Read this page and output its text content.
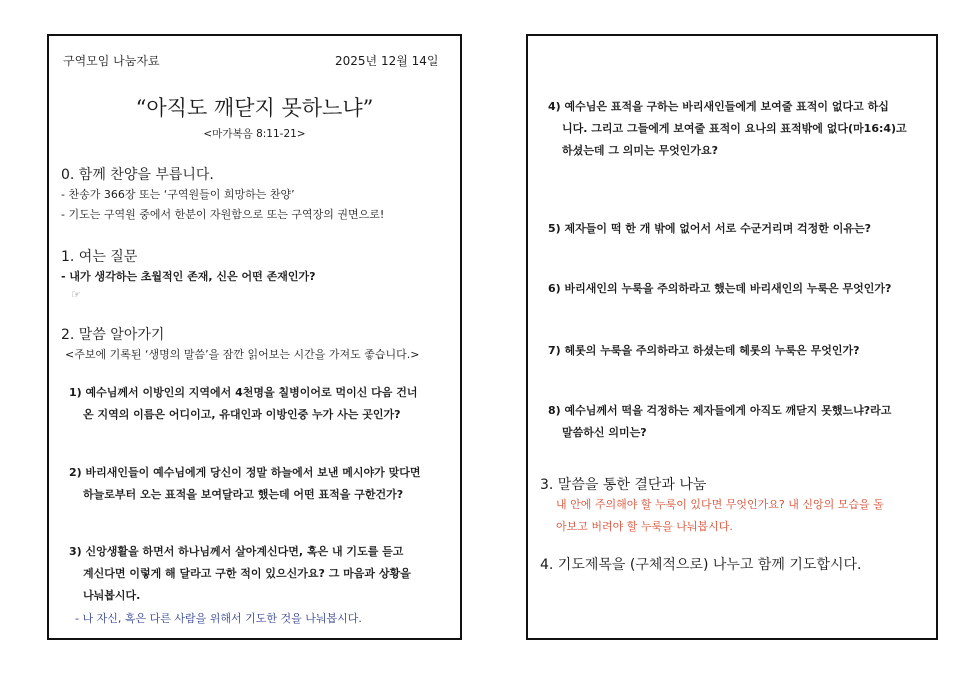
구역모임 나눔자료	2025년 12월 14일
“아직도 깨닫지 못하느냐”
<마가복음 8:11-21>
0. 함께 찬양을 부릅니다.
- 찬송가 366장 또는 ‘구역원들이 희망하는 찬양’
- 기도는 구역원 중에서 한분이 자원함으로 또는 구역장의 권면으로!
1. 여는 질문
- 내가 생각하는 초월적인 존재, 신은 어떤 존재인가?
☞
2. 말씀 알아가기
<주보에 기록된 ‘생명의 말씀’을 잠깐 읽어보는 시간을 가져도 좋습니다.>
1) 예수님께서 이방인의 지역에서 4천명을 칠병이어로 먹이신 다음 건너
온 지역의 이름은 어디이고, 유대인과 이방인중 누가 사는 곳인가?
2) 바리새인들이 예수님에게 당신이 정말 하늘에서 보낸 메시야가 맞다면
하늘로부터 오는 표적을 보여달라고 했는데 어떤 표적을 구한건가?
3) 신앙생활을 하면서 하나님께서 살아계신다면, 혹은 내 기도를 듣고
계신다면 이렇게 해 달라고 구한 적이 있으신가요? 그 마음과 상황을
나눠봅시다.
- 나 자신, 혹은 다른 사람을 위해서 기도한 것을 나눠봅시다.
4) 예수님은 표적을 구하는 바리새인들에게 보여줄 표적이 없다고 하십
니다. 그리고 그들에게 보여줄 표적이 요나의 표적밖에 없다(마16:4)고
하셨는데 그 의미는 무엇인가요?
5) 제자들이 떡 한 개 밖에 없어서 서로 수군거리며 걱정한 이유는?
6) 바리새인의 누룩을 주의하라고 했는데 바리새인의 누룩은 무엇인가?
7) 헤롯의 누룩을 주의하라고 하셨는데 헤롯의 누룩은 무엇인가?
8) 예수님께서 떡을 걱정하는 제자들에게 아직도 깨닫지 못했느냐?라고
말씀하신 의미는?
3. 말씀을 통한 결단과 나눔
내 안에 주의해야 할 누룩이 있다면 무엇인가요? 내 신앙의 모습을 돌
아보고 버려야 할 누룩을 나눠봅시다.
4. 기도제목을 (구체적으로) 나누고 함께 기도합시다.
